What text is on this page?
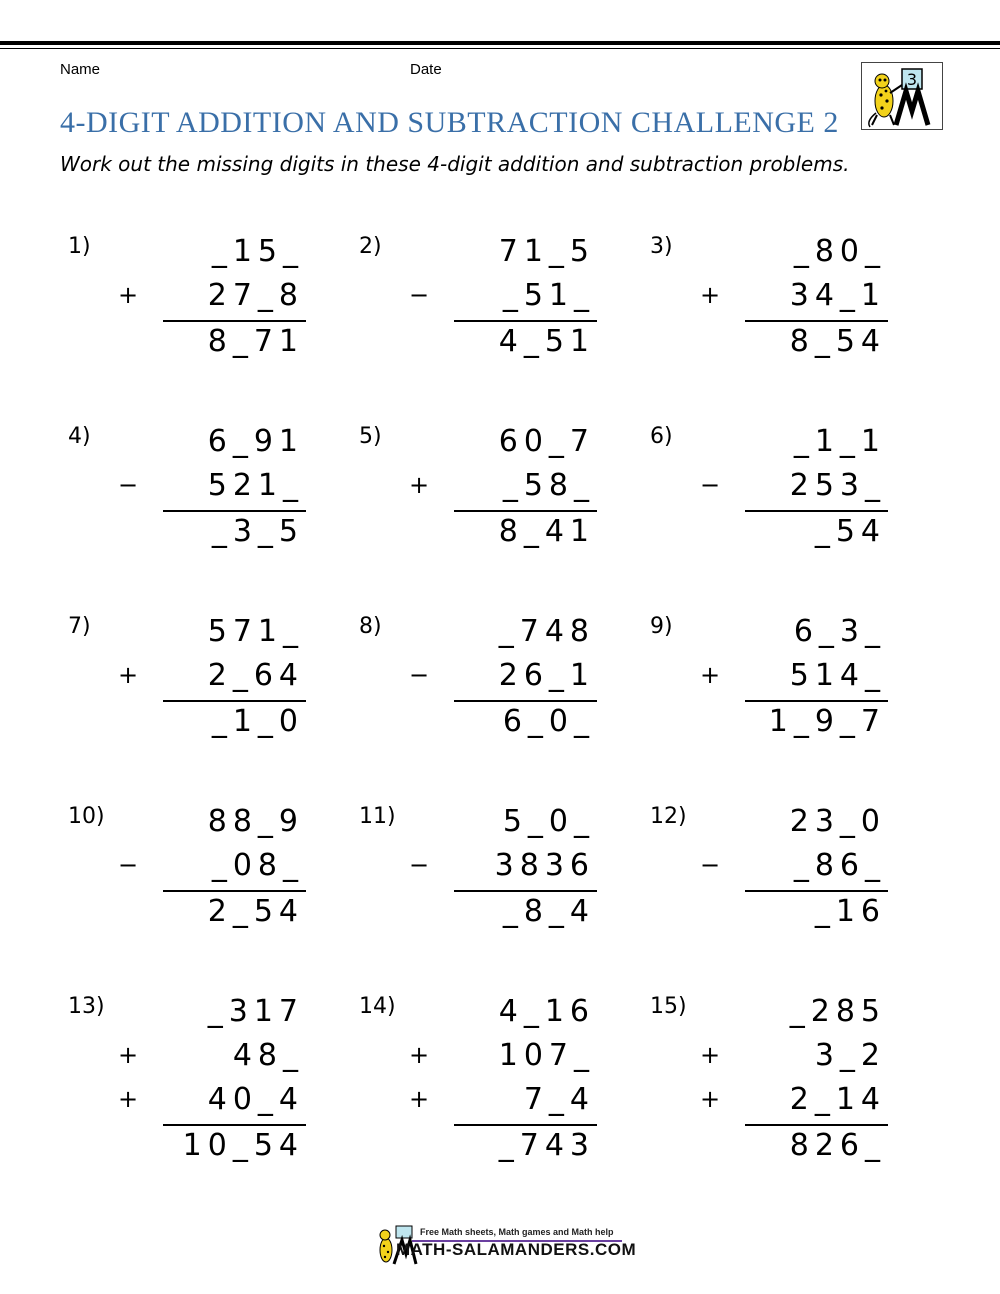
Name	Date
3
4-DIGIT ADDITION AND SUBTRACTION CHALLENGE 2

Work out the missing digits in these 4-digit addition and subtraction problems.

1)	_15_
+	27_8
8_71
2)	71_5
−	_51_
4_51
3)	_80_
+	34_1
8_54
4)	6_91
−	521_
_3_5
5)	60_7
+	_58_
8_41
6)	_1_1
−	253_
_54
7)	571_
+	2_64
_1_0
8)	_748
−	26_1
6_0_
9)	6_3_
+	514_
1_9_7
10)	88_9
−	_08_
2_54
11)	5_0_
−	3836
_8_4
12)	23_0
−	_86_
_16
13)	_317
+	48_
+	40_4
10_54
14)	4_16
+	107_
+	7_4
_743
15)	_285
+	3_2
+	2_14
826_
Free Math sheets, Math games and Math help
MATH-SALAMANDERS.COM
